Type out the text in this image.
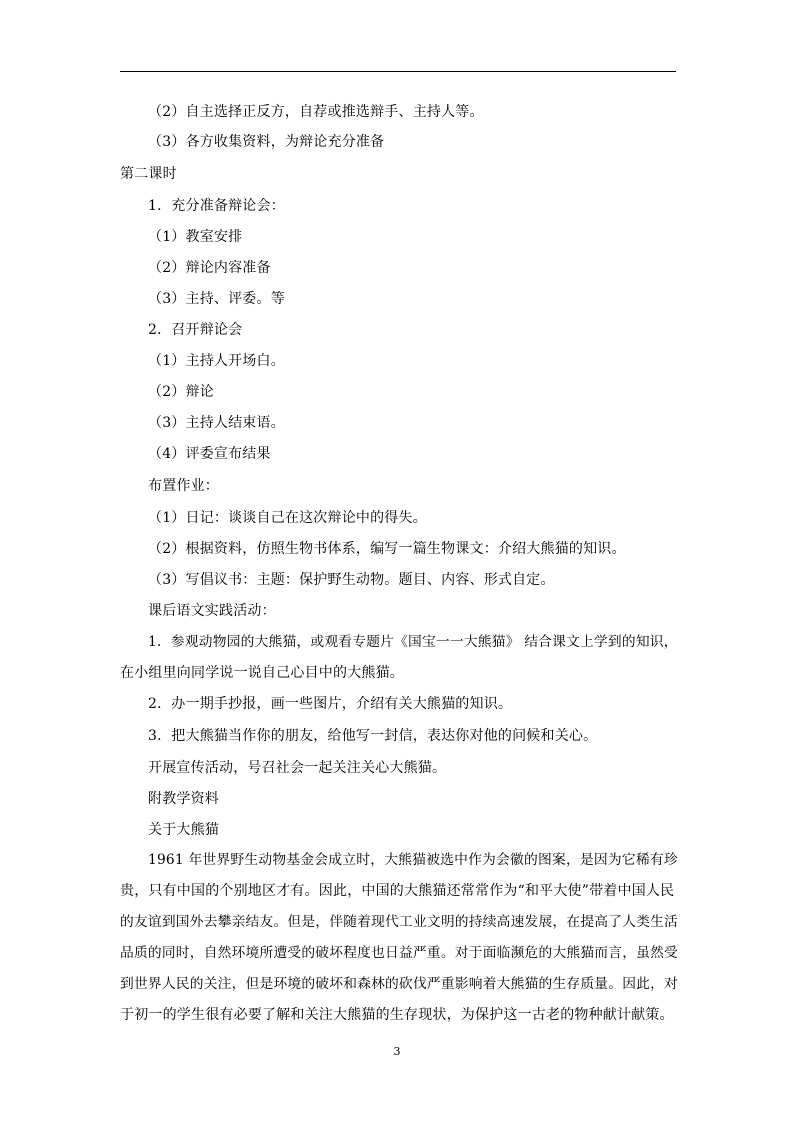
（2）自主选择正反方，自荐或推选辩手、主持人等。
（3）各方收集资料，为辩论充分准备
第二课时
1．充分准备辩论会：
（1）教室安排
（2）辩论内容准备
（3）主持、评委。等
2．召开辩论会
（1）主持人开场白。
（2）辩论
（3）主持人结束语。
（4）评委宣布结果
布置作业：
（1）日记：谈谈自己在这次辩论中的得失。
（2）根据资料，仿照生物书体系，编写一篇生物课文：介绍大熊猫的知识。
（3）写倡议书：主题：保护野生动物。题目、内容、形式自定。
课后语文实践活动：
1．参观动物园的大熊猫，或观看专题片《国宝一一大熊猫》 结合课文上学到的知识，
在小组里向同学说一说自己心目中的大熊猫。
2．办一期手抄报，画一些图片，介绍有关大熊猫的知识。
3．把大熊猫当作你的朋友，给他写一封信，表达你对他的问候和关心。
开展宣传活动，号召社会一起关注关心大熊猫。
附教学资料
关于大熊猫
1961 年世界野生动物基金会成立时，大熊猫被选中作为会徽的图案，是因为它稀有珍
贵，只有中国的个别地区才有。因此，中国的大熊猫还常常作为“和平大使”带着中国人民
的友谊到国外去攀亲结友。但是，伴随着现代工业文明的持续高速发展，在提高了人类生活
品质的同时，自然环境所遭受的破坏程度也日益严重。对于面临濒危的大熊猫而言，虽然受
到世界人民的关注，但是环境的破坏和森林的砍伐严重影响着大熊猫的生存质量。因此，对
于初一的学生很有必要了解和关注大熊猫的生存现状，为保护这一古老的物种献计献策。
3
